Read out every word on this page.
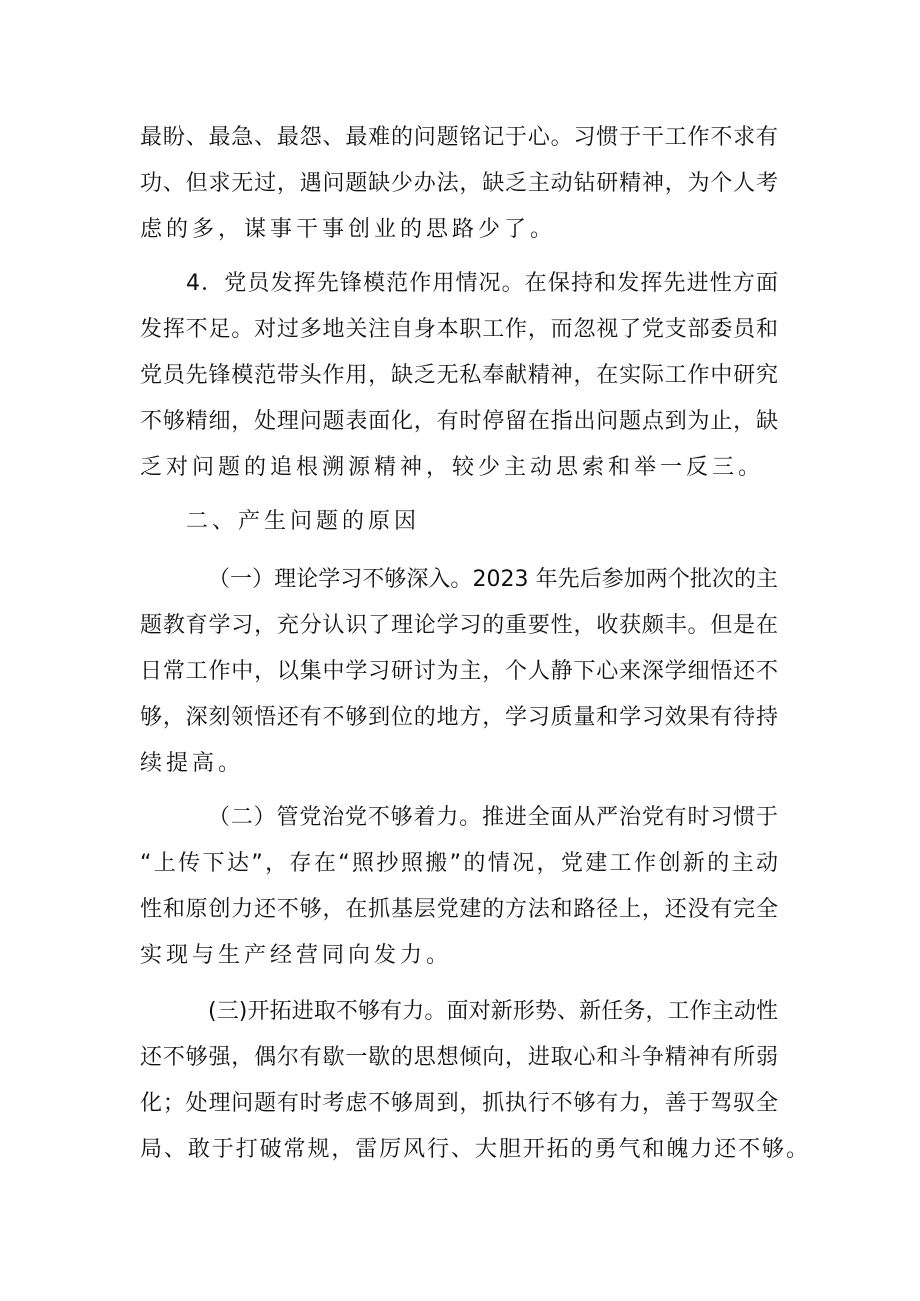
最盼、最急、最怨、最难的问题铭记于心。习惯于干工作不求有
功、但求无过，遇问题缺少办法，缺乏主动钻研精神，为个人考
虑的多，谋事干事创业的思路少了。
4．党员发挥先锋模范作用情况。在保持和发挥先进性方面
发挥不足。对过多地关注自身本职工作，而忽视了党支部委员和
党员先锋模范带头作用，缺乏无私奉献精神，在实际工作中研究
不够精细，处理问题表面化，有时停留在指出问题点到为止，缺
乏对问题的追根溯源精神，较少主动思索和举一反三。
二、产生问题的原因
（一）理论学习不够深入。2023 年先后参加两个批次的主
题教育学习，充分认识了理论学习的重要性，收获颇丰。但是在
日常工作中，以集中学习研讨为主，个人静下心来深学细悟还不
够，深刻领悟还有不够到位的地方，学习质量和学习效果有待持
续提高。
（二）管党治党不够着力。推进全面从严治党有时习惯于
“上传下达”，存在“照抄照搬”的情况，党建工作创新的主动
性和原创力还不够，在抓基层党建的方法和路径上，还没有完全
实现与生产经营同向发力。
(三)开拓进取不够有力。面对新形势、新任务，工作主动性
还不够强，偶尔有歇一歇的思想倾向，进取心和斗争精神有所弱
化；处理问题有时考虑不够周到，抓执行不够有力，善于驾驭全
局、敢于打破常规，雷厉风行、大胆开拓的勇气和魄力还不够。
